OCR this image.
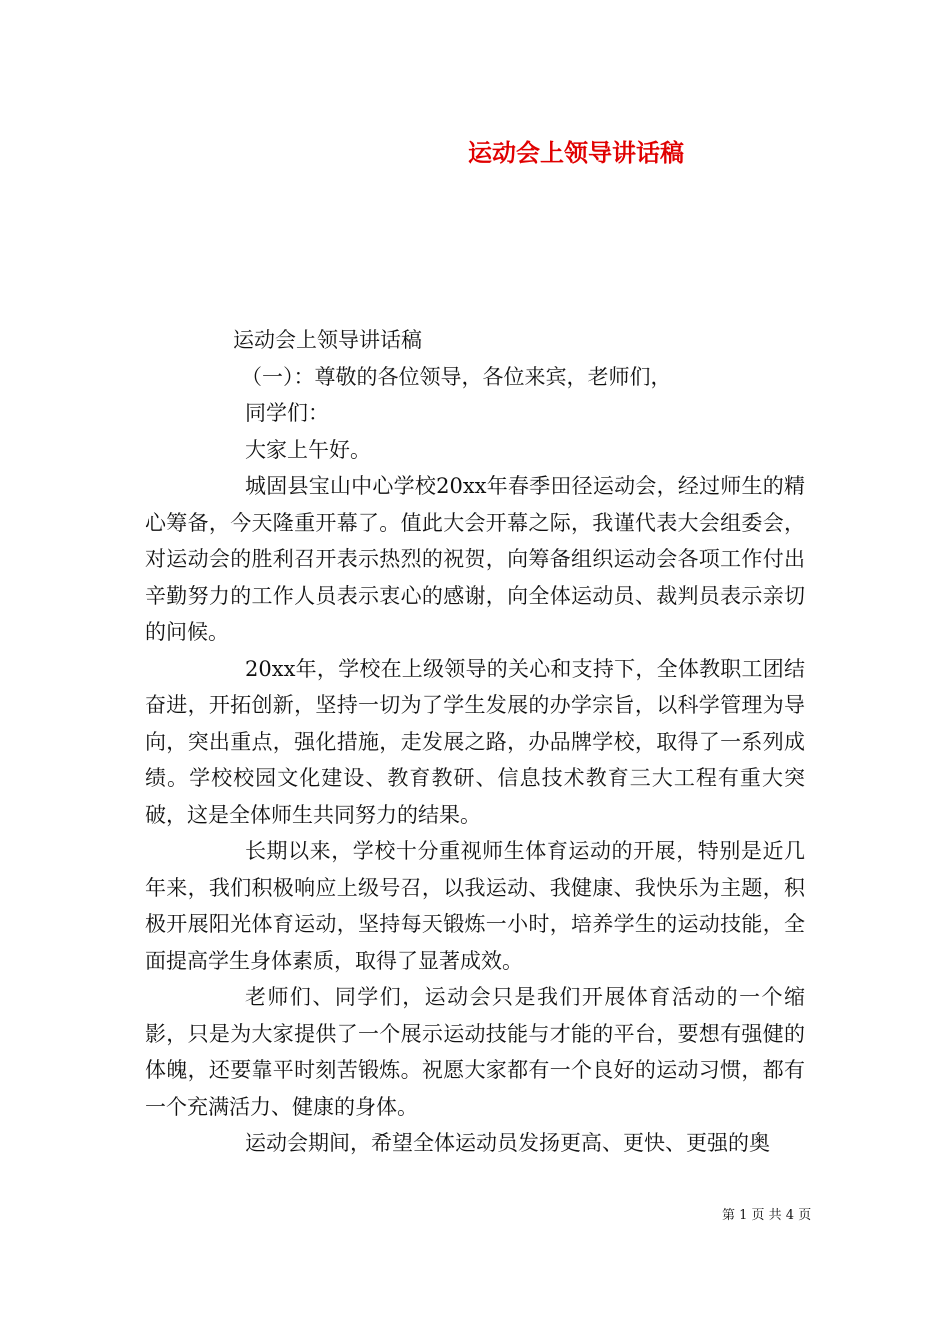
运动会上领导讲话稿
运动会上领导讲话稿
（一）：尊敬的各位领导，各位来宾，老师们，
同学们：
大家上午好。

城固县宝山中心学校20xx年春季田径运动会，经过师生的精心筹备，今天隆重开幕了。值此大会开幕之际，我谨代表大会组委会，对运动会的胜利召开表示热烈的祝贺，向筹备组织运动会各项工作付出辛勤努力的工作人员表示衷心的感谢，向全体运动员、裁判员表示亲切的问候。

20xx年，学校在上级领导的关心和支持下，全体教职工团结奋进，开拓创新，坚持一切为了学生发展的办学宗旨，以科学管理为导向，突出重点，强化措施，走发展之路，办品牌学校，取得了一系列成绩。学校校园文化建设、教育教研、信息技术教育三大工程有重大突破，这是全体师生共同努力的结果。

长期以来，学校十分重视师生体育运动的开展，特别是近几年来，我们积极响应上级号召，以我运动、我健康、我快乐为主题，积极开展阳光体育运动，坚持每天锻炼一小时，培养学生的运动技能，全面提高学生身体素质，取得了显著成效。

老师们、同学们，运动会只是我们开展体育活动的一个缩影，只是为大家提供了一个展示运动技能与才能的平台，要想有强健的体魄，还要靠平时刻苦锻炼。祝愿大家都有一个良好的运动习惯，都有一个充满活力、健康的身体。

运动会期间，希望全体运动员发扬更高、更快、更强的奥

第 1 页 共 4 页
